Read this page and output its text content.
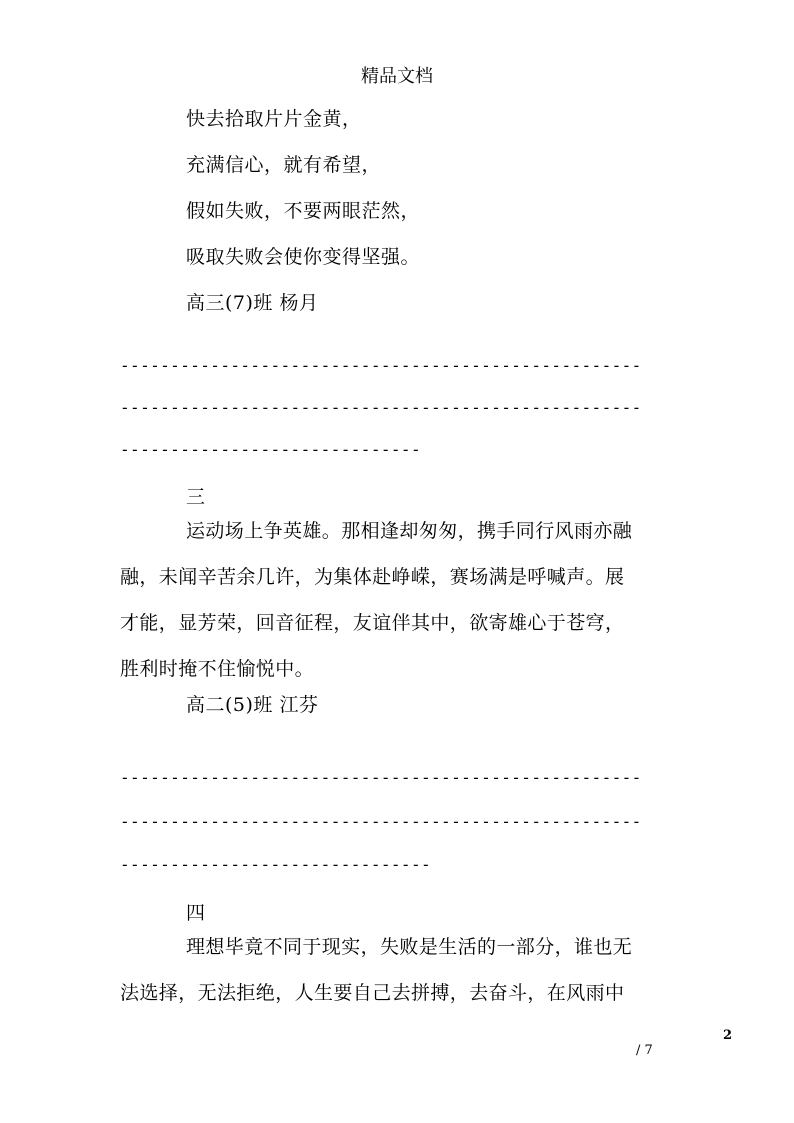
精品文档
快去拾取片片金黄，
充满信心，就有希望，
假如失败，不要两眼茫然，
吸取失败会使你变得坚强。
高三(7)班 杨月
----------------------------------------------------
----------------------------------------------------
------------------------------
三
运动场上争英雄。那相逢却匆匆，携手同行风雨亦融
融，未闻辛苦余几许，为集体赴峥嵘，赛场满是呼喊声。展
才能，显芳荣，回音征程，友谊伴其中，欲寄雄心于苍穹，
胜利时掩不住愉悦中。
高二(5)班 江芬
----------------------------------------------------
----------------------------------------------------
-------------------------------
四
理想毕竟不同于现实，失败是生活的一部分，谁也无
法选择，无法拒绝，人生要自己去拼搏，去奋斗，在风雨中
2
/ 7
